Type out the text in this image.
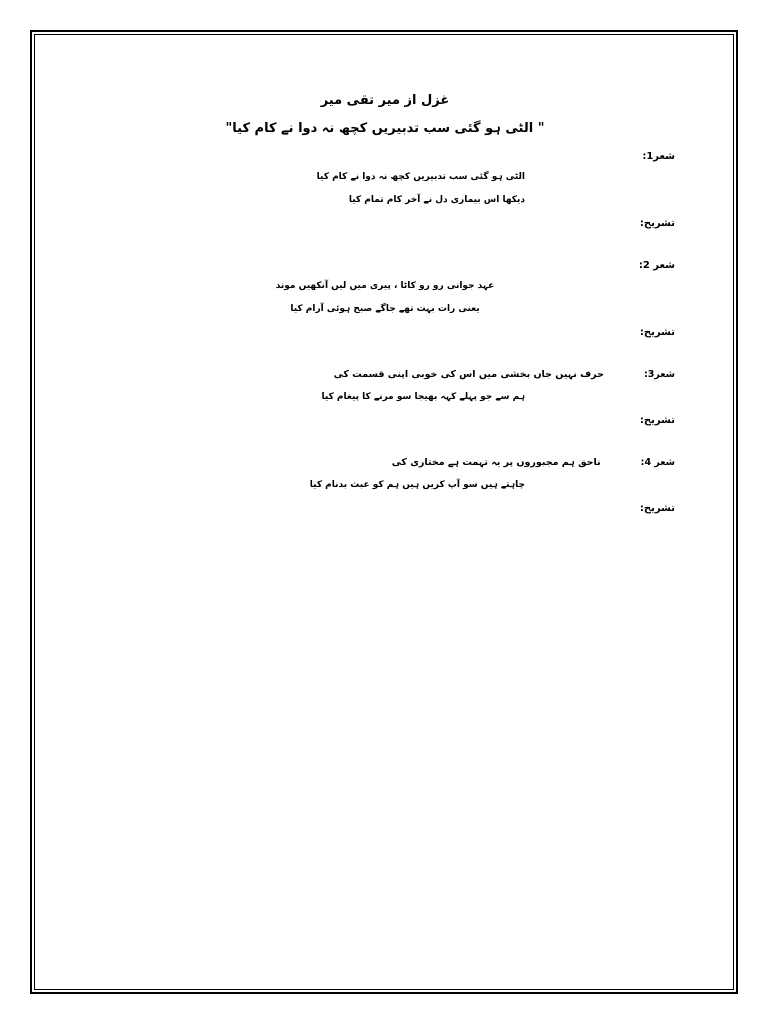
غزل از میر تقی میر
" الٹی ہو گئی سب تدبیریں کچھ نہ دوا نے کام کیا"
شعر1:
الٹی ہو گئی سب تدبیریں کچھ نہ دوا نے کام کیا
دیکھا اس بیماری دل نے آخر کام تمام کیا
تشریح:
شعر 2:
عہد جوانی رو رو کاٹا ، پیری میں لیں آنکھیں موند
یعنی رات بہت تھے جاگے صبح ہوئی آرام کیا
تشریح:
شعر3:
حرف نہیں جاں بخشی میں اس کی خوبی اپنی قسمت کی
ہم سے جو پہلے کہہ بھیجا سو مرنے کا پیغام کیا
تشریح:
شعر 4:
ناحق ہم مجبوروں پر یہ تہمت ہے مختاری کی
چاہتے ہیں سو آپ کریں ہیں ہم کو عبث بدنام کیا
تشریح:
